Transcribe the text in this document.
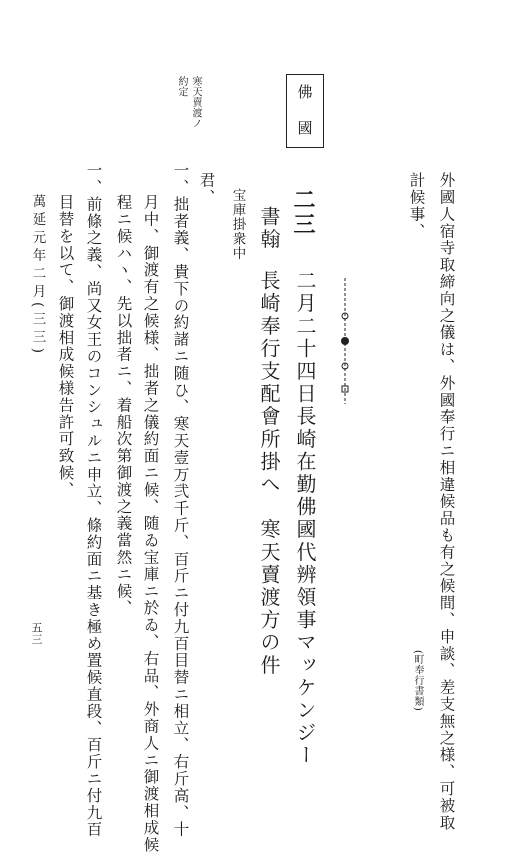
佛
國
寒天賣渡ノ
約定
外國人宿寺取締向之儀は、外國奉行ニ相違候品も有之候間、申談、差支無之様、可被取
計候事、
(町奉行書類)
二三
二月二十四日長崎在勤佛國代辨領事マッケンジー
書翰
長崎奉行支配會所掛へ　寒天賣渡方の件
宝庫掛衆中
君、
一、拙者義、貴下の約諸ニ随ひ、寒天壹万弐千斤、百斤ニ付九百目替ニ相立、右斤高、十
月中、御渡有之候様、拙者之儀約面ニ候、随ゐ宝庫ニ於ゐ、右品、外商人ニ御渡相成候
程ニ候ハヽ、先以拙者ニ、着船次第御渡之義當然ニ候、
一、前條之義、尚又女王のコンシュルニ申立、條約面ニ基き極め置候直段、百斤ニ付九百
目替を以て、御渡相成候様告許可致候、
萬延元年二月(三三)
五三
